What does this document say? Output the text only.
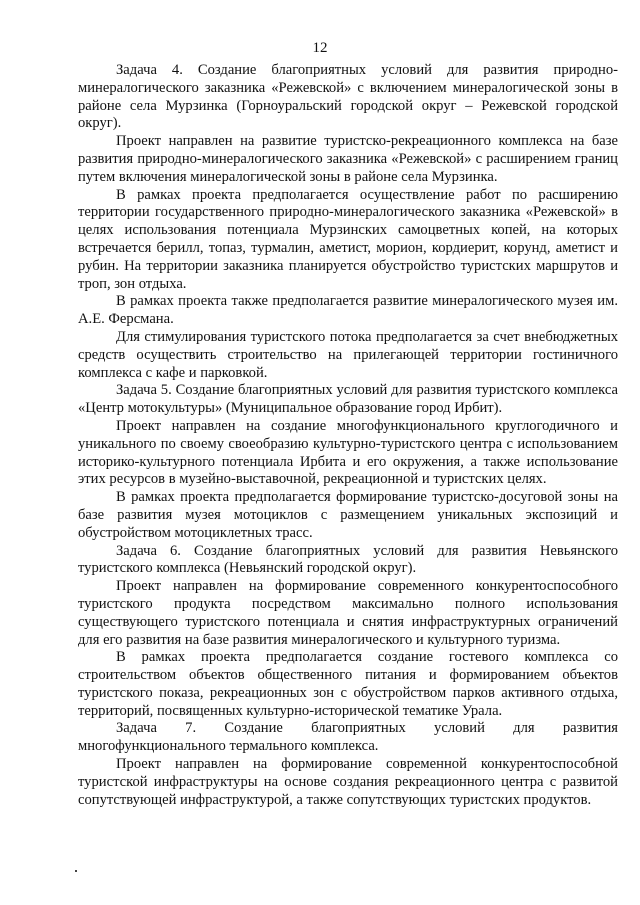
12

Задача 4. Создание благоприятных условий для развития природно-минералогического заказника «Режевской» с включением минералогической зоны в районе села Мурзинка (Горноуральский городской округ – Режевской городской округ).

Проект направлен на развитие туристско-рекреационного комплекса на базе развития природно-минералогического заказника «Режевской» с расширением границ путем включения минералогической зоны в районе села Мурзинка.

В рамках проекта предполагается осуществление работ по расширению территории государственного природно-минералогического заказника «Режевской» в целях использования потенциала Мурзинских самоцветных копей, на которых встречается берилл, топаз, турмалин, аметист, морион, кордиерит, корунд, аметист и рубин. На территории заказника планируется обустройство туристских маршрутов и троп, зон отдыха.

В рамках проекта также предполагается развитие минералогического музея им. А.Е. Ферсмана.

Для стимулирования туристского потока предполагается за счет внебюджетных средств осуществить строительство на прилегающей территории гостиничного комплекса с кафе и парковкой.

Задача 5. Создание благоприятных условий для развития туристского комплекса «Центр мотокультуры» (Муниципальное образование город Ирбит).

Проект направлен на создание многофункционального круглогодичного и уникального по своему своеобразию культурно-туристского центра с использованием историко-культурного потенциала Ирбита и его окружения, а также использование этих ресурсов в музейно-выставочной, рекреационной и туристских целях.

В рамках проекта предполагается формирование туристско-досуговой зоны на базе развития музея мотоциклов с размещением уникальных экспозиций и обустройством мотоциклетных трасс.

Задача 6. Создание благоприятных условий для развития Невьянского туристского комплекса (Невьянский городской округ).

Проект направлен на формирование современного конкурентоспособного туристского продукта посредством максимально полного использования существующего туристского потенциала и снятия инфраструктурных ограничений для его развития на базе развития минералогического и культурного туризма.

В рамках проекта предполагается создание гостевого комплекса со строительством объектов общественного питания и формированием объектов туристского показа, рекреационных зон с обустройством парков активного отдыха, территорий, посвященных культурно-исторической тематике Урала.

Задача 7. Создание благоприятных условий для развития многофункционального термального комплекса.

Проект направлен на формирование современной конкурентоспособной туристской инфраструктуры на основе создания рекреационного центра с развитой сопутствующей инфраструктурой, а также сопутствующих туристских продуктов.
